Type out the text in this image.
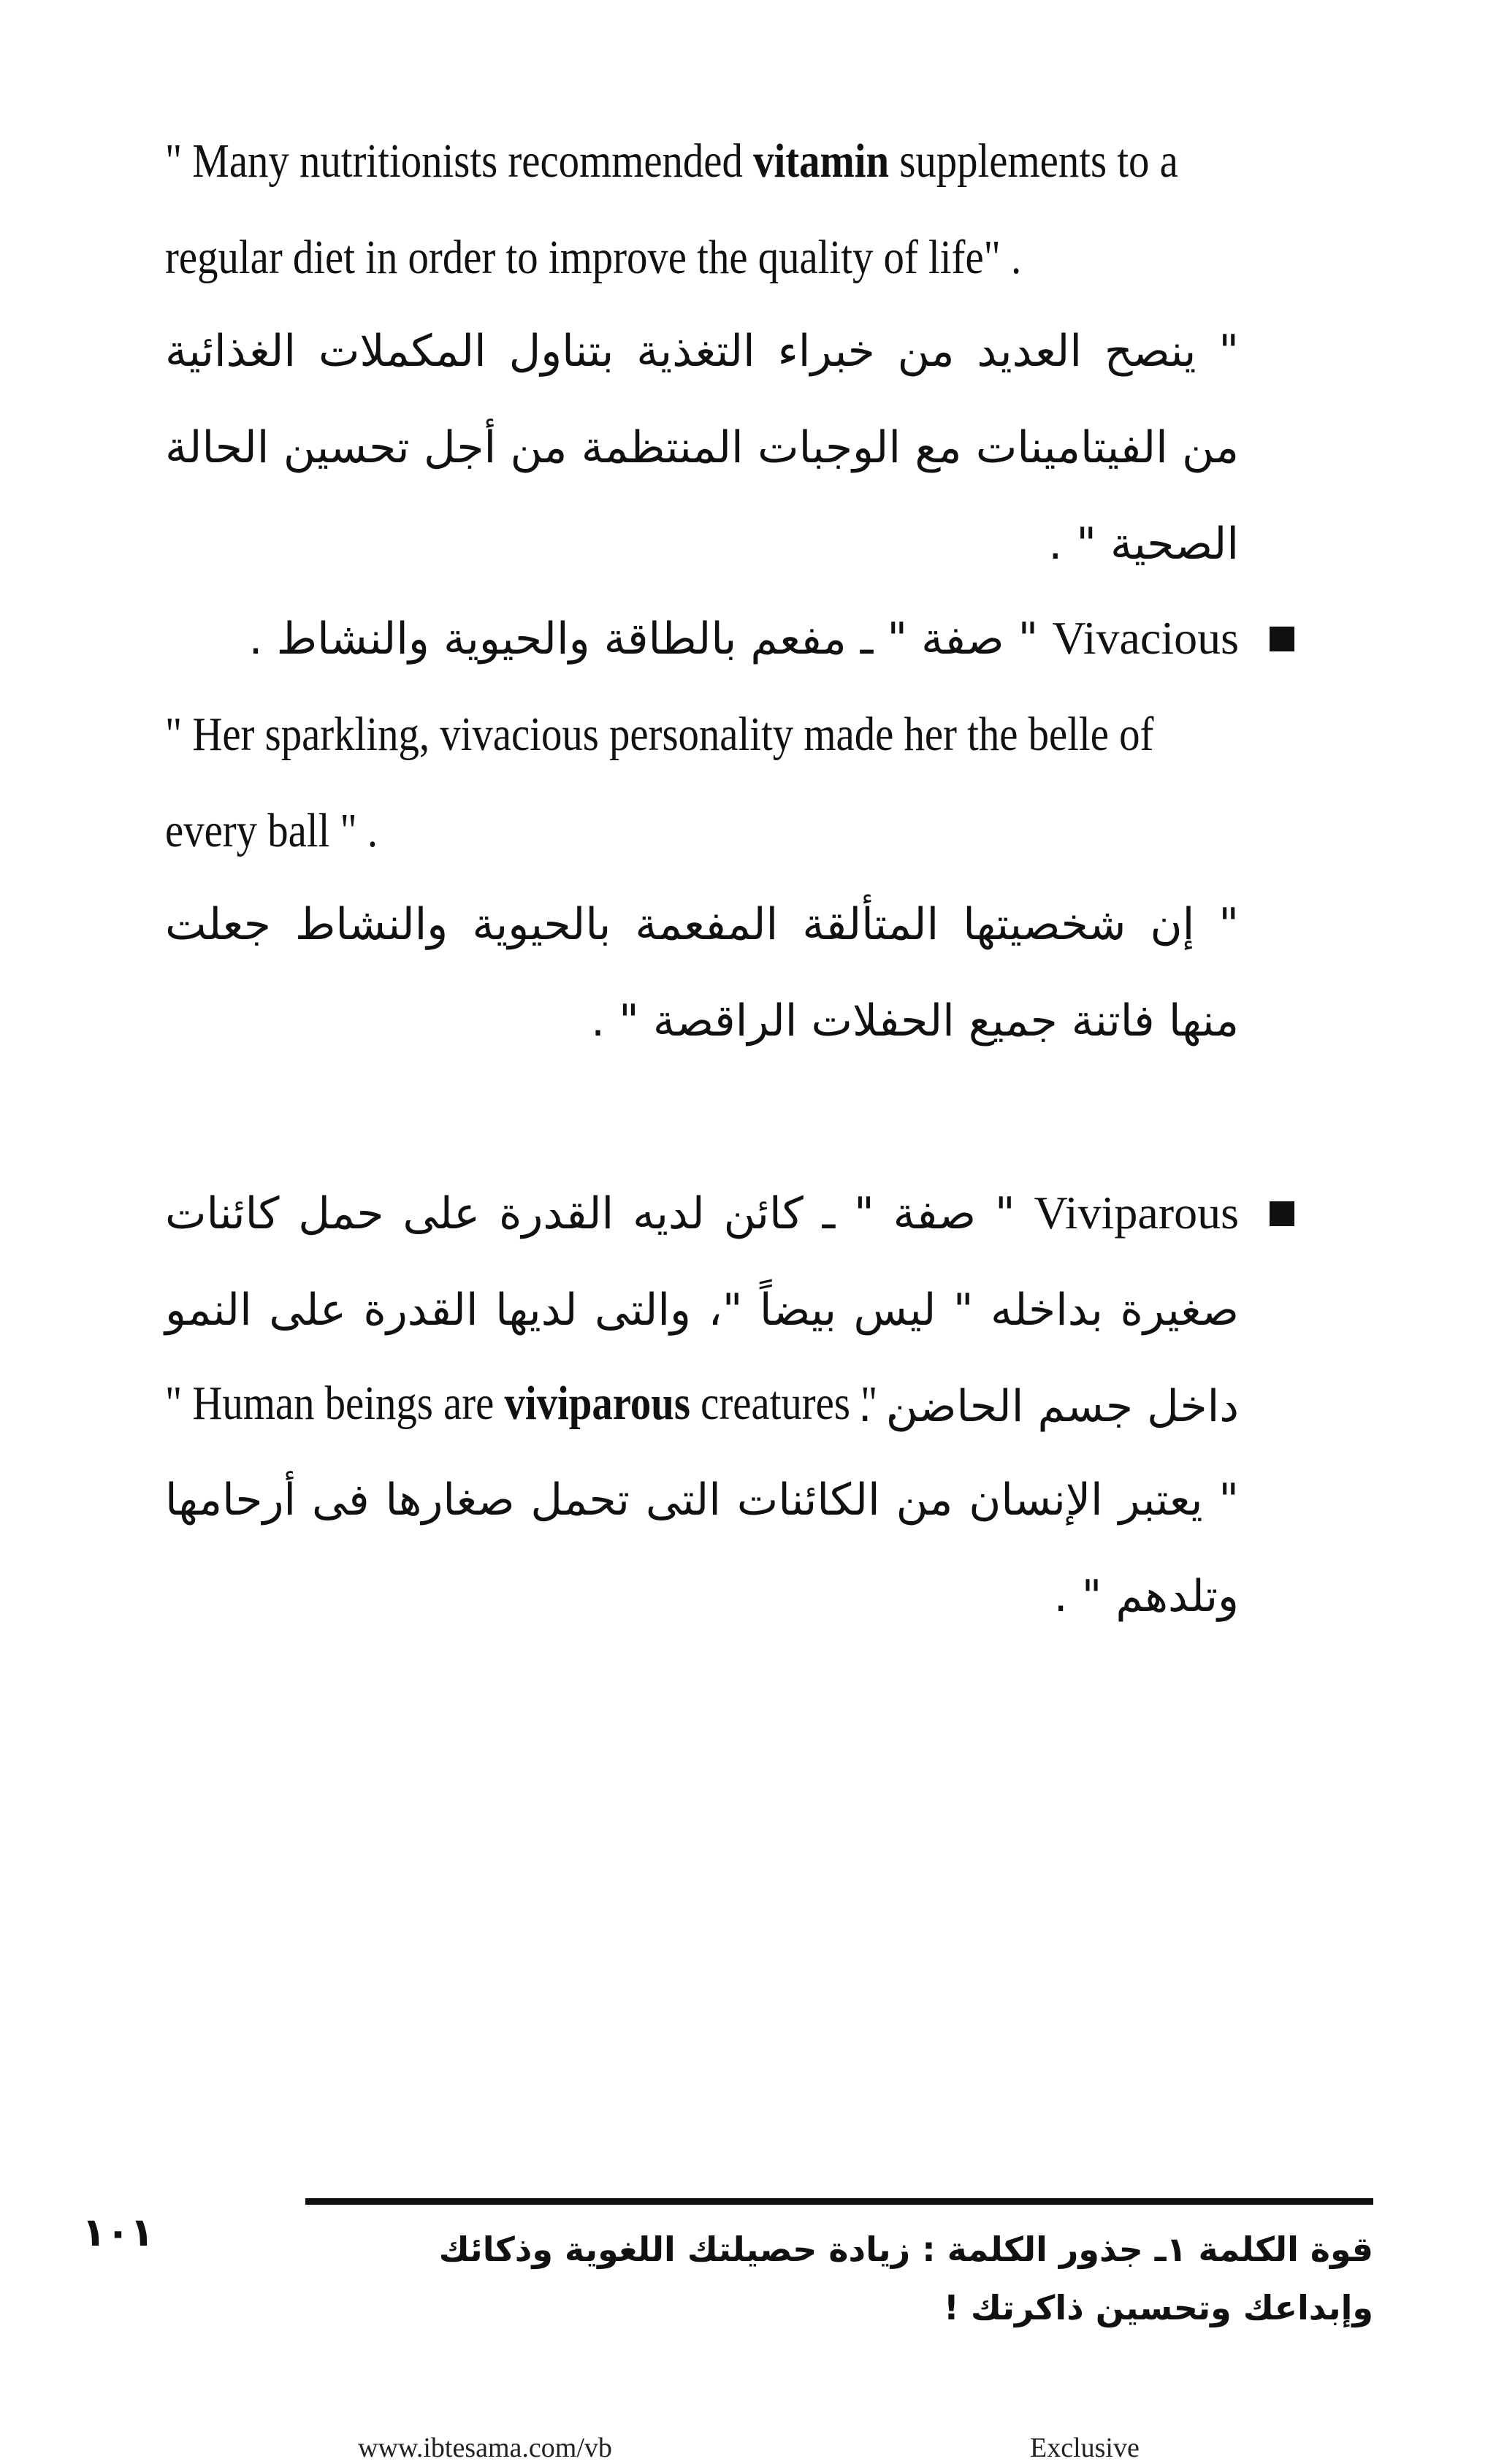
" Many nutritionists recommended vitamin supplements to a regular diet in order to improve the quality of life" .
" ينصح العديد من خبراء التغذية بتناول المكملات الغذائية من الفيتامينات مع الوجبات المنتظمة من أجل تحسين الحالة الصحية " .
Vivacious " صفة " ـ مفعم بالطاقة والحيوية والنشاط .
" Her sparkling, vivacious personality made her the belle of every ball " .
" إن شخصيتها المتألقة المفعمة بالحيوية والنشاط جعلت منها فاتنة جميع الحفلات الراقصة " .
Viviparous " صفة " ـ كائن لديه القدرة على حمل كائنات صغيرة بداخله " ليس بيضاً "، والتى لديها القدرة على النمو داخل جسم الحاضن .
" Human beings are viviparous creatures " .
" يعتبر الإنسان من الكائنات التى تحمل صغارها فى أرحامها وتلدهم " .
قوة الكلمة ١ـ جذور الكلمة : زيادة حصيلتك اللغوية وذكائك وإبداعك وتحسين ذاكرتك !
١٠١
www.ibtesama.com/vb	Exclusive
